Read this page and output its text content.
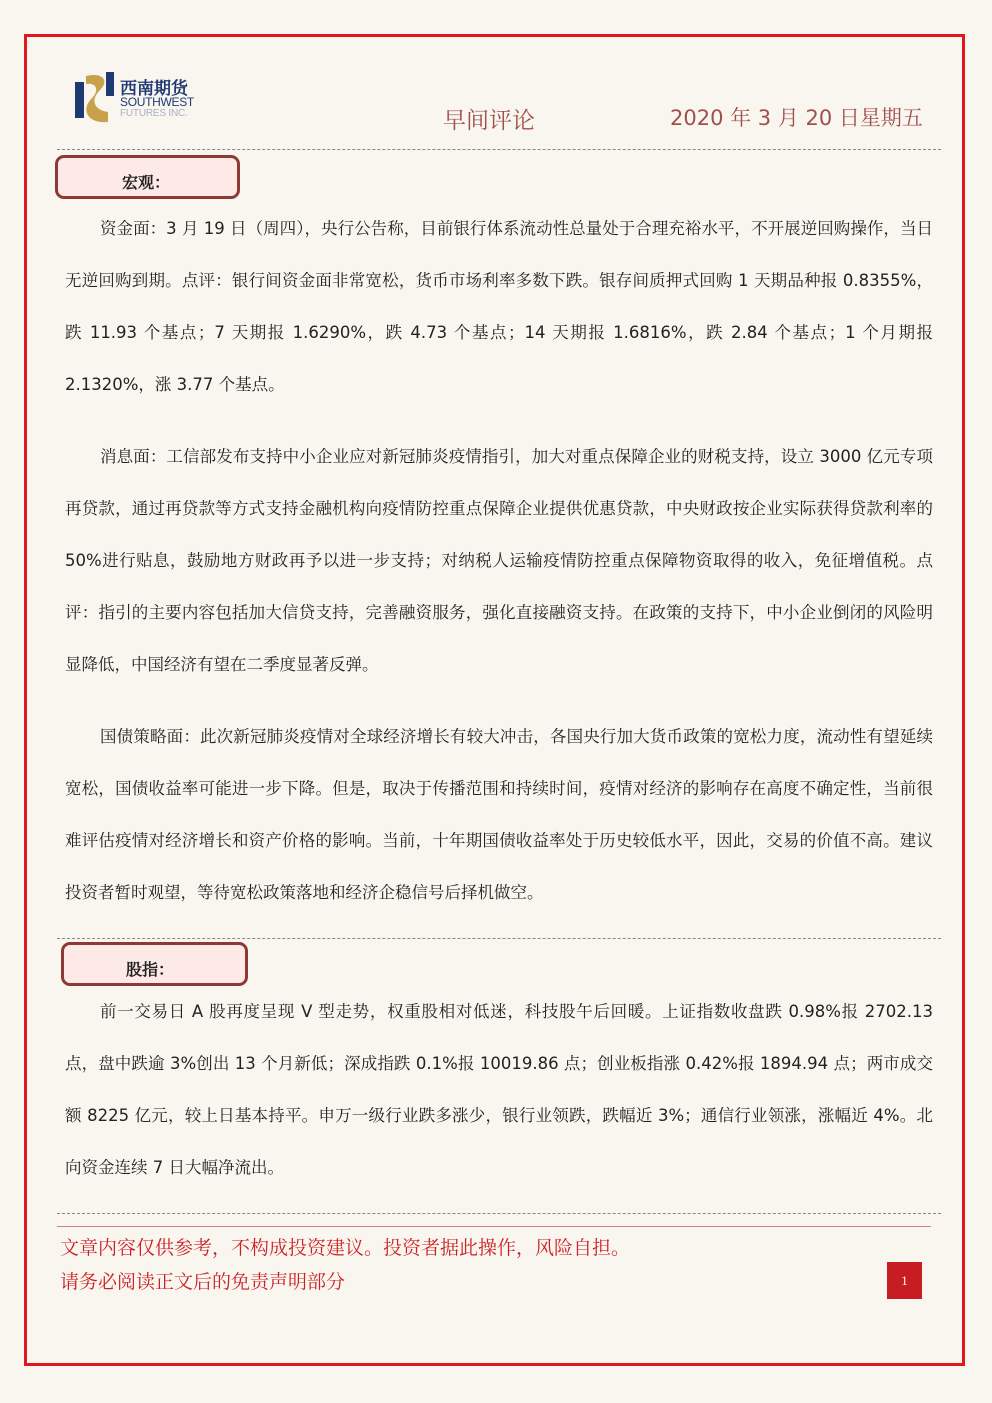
西南期货
SOUTHWEST
FUTURES INC.	早间评论	2020 年 3 月 20 日星期五
宏观：

资金面：3 月 19 日（周四），央行公告称，目前银行体系流动性总量处于合理充裕水平，不开展逆回购操作，当日无逆回购到期。点评：银行间资金面非常宽松，货币市场利率多数下跌。银存间质押式回购 1 天期品种报 0.8355%，跌 11.93 个基点；7 天期报 1.6290%，跌 4.73 个基点；14 天期报 1.6816%，跌 2.84 个基点；1 个月期报 2.1320%，涨 3.77 个基点。

消息面：工信部发布支持中小企业应对新冠肺炎疫情指引，加大对重点保障企业的财税支持，设立 3000 亿元专项再贷款，通过再贷款等方式支持金融机构向疫情防控重点保障企业提供优惠贷款，中央财政按企业实际获得贷款利率的 50%进行贴息，鼓励地方财政再予以进一步支持；对纳税人运输疫情防控重点保障物资取得的收入，免征增值税。点评：指引的主要内容包括加大信贷支持，完善融资服务，强化直接融资支持。在政策的支持下，中小企业倒闭的风险明显降低，中国经济有望在二季度显著反弹。

国债策略面：此次新冠肺炎疫情对全球经济增长有较大冲击，各国央行加大货币政策的宽松力度，流动性有望延续宽松，国债收益率可能进一步下降。但是，取决于传播范围和持续时间，疫情对经济的影响存在高度不确定性，当前很难评估疫情对经济增长和资产价格的影响。当前，十年期国债收益率处于历史较低水平，因此，交易的价值不高。建议投资者暂时观望，等待宽松政策落地和经济企稳信号后择机做空。

股指：

前一交易日 A 股再度呈现 V 型走势，权重股相对低迷，科技股午后回暖。上证指数收盘跌 0.98%报 2702.13 点，盘中跌逾 3%创出 13 个月新低；深成指跌 0.1%报 10019.86 点；创业板指涨 0.42%报 1894.94 点；两市成交额 8225 亿元，较上日基本持平。申万一级行业跌多涨少，银行业领跌，跌幅近 3%；通信行业领涨，涨幅近 4%。北向资金连续 7 日大幅净流出。

文章内容仅供参考，不构成投资建议。投资者据此操作，风险自担。
请务必阅读正文后的免责声明部分	1
